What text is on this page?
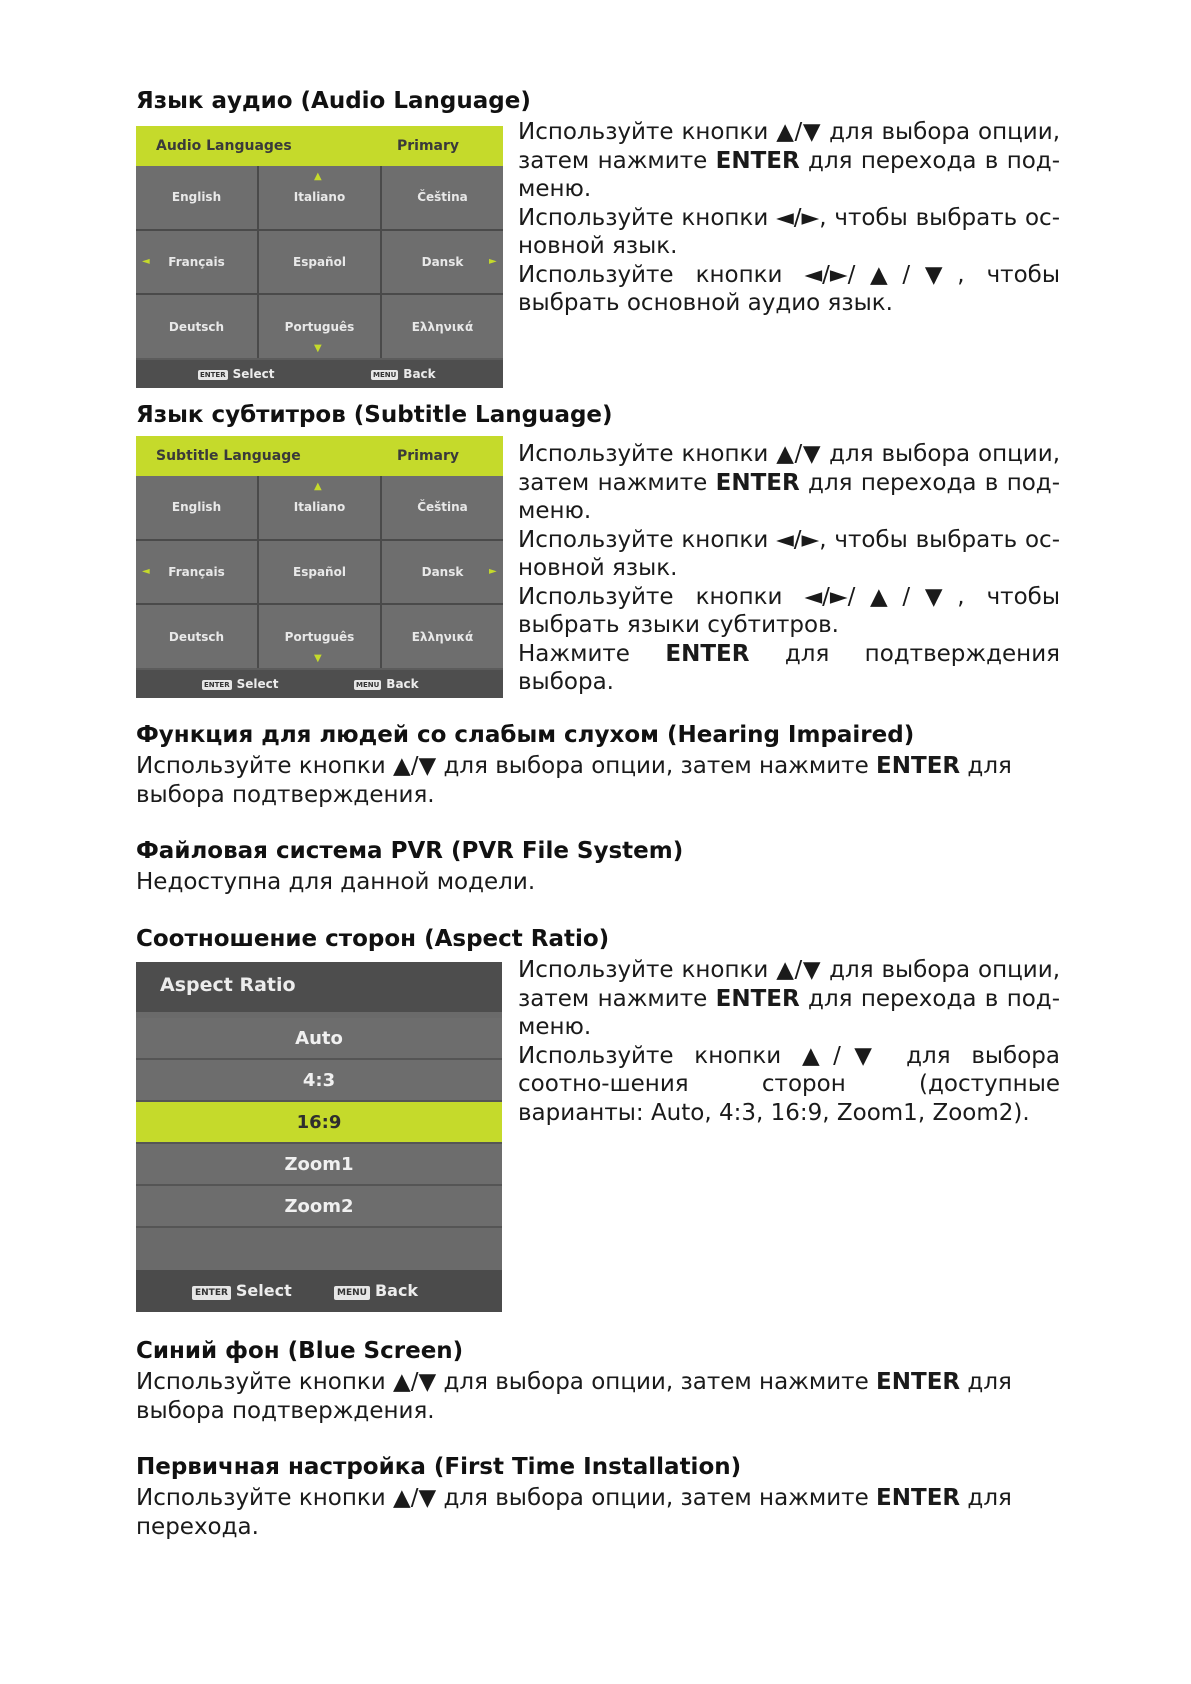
Язык аудио (Audio Language)
Audio Languages	Primary
English	Italiano	Čeština
Français	Español	Dansk
Deutsch	Português	Ελληνικά
▲
▼
◄	►
ENTER Select	MENU Back

Используйте кнопки ▲/▼ для выбора опции, затем нажмите ENTER для перехода в под-меню.

Используйте кнопки ◄/►, чтобы выбрать ос-новной язык.

Используйте кнопки ◄/►/▲/▼, чтобы выбрать основной аудио язык.

Язык субтитров (Subtitle Language)
Subtitle Language	Primary
English	Italiano	Čeština
Français	Español	Dansk
Deutsch	Português	Ελληνικά
▲
▼
◄	►
ENTER Select	MENU Back

Используйте кнопки ▲/▼ для выбора опции, затем нажмите ENTER для перехода в под-меню.

Используйте кнопки ◄/►, чтобы выбрать ос-новной язык.

Используйте кнопки ◄/►/▲/▼, чтобы выбрать языки субтитров.

Нажмите ENTER для подтверждения выбора.

Функция для людей со слабым слухом (Hearing Impaired)

Используйте кнопки ▲/▼ для выбора опции, затем нажмите ENTER для выбора подтверждения.

Файловая система PVR (PVR File System)

Недоступна для данной модели.

Соотношение сторон (Aspect Ratio)
Aspect Ratio
Auto
4:3
16:9
Zoom1
Zoom2
ENTER Select	MENU Back

Используйте кнопки ▲/▼ для выбора опции, затем нажмите ENTER для перехода в под-меню.

Используйте кнопки ▲/▼ для выбора соотно-шения сторон (доступные варианты: Auto, 4:3, 16:9, Zoom1, Zoom2).

Синий фон (Blue Screen)

Используйте кнопки ▲/▼ для выбора опции, затем нажмите ENTER для выбора подтверждения.

Первичная настройка (First Time Installation)

Используйте кнопки ▲/▼ для выбора опции, затем нажмите ENTER для перехода.
